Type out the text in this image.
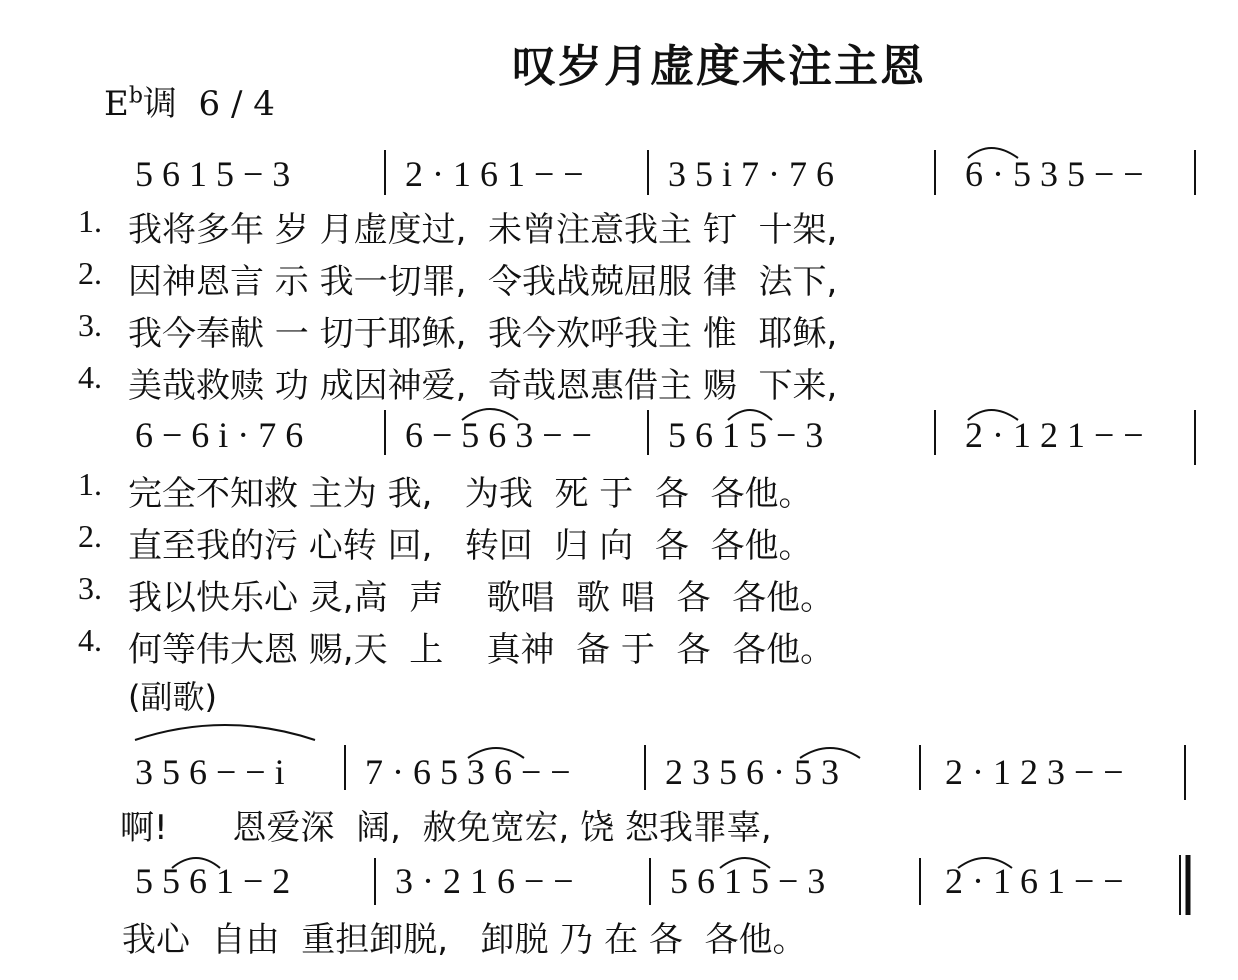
叹岁月虚度未注主恩
$E^b$调 6 / 4
5 6 1 5 − 3	2 · 1 6 1 − − 3 5 i 7 · 7 6	6 · 5 3 5 − −
6 − 6 i · 7 6	6 − 5 6 3 − − 5 6 1 5 − 3	2 · 1 2 1 − −
3 5 6 − − i 7 · 6 5 3 6 − −	2 3 5 6 · 5 3	2 · 1 2 3 − −
5 5 6 1 − 2	3 · 2 1 6 − −	5 6 1 5 − 3	2 · 1 6 1 − −
1.
2.
3.
4.
我将多年 岁 月虚度过,  未曾注意我主 钉  十架,
因神恩言 示 我一切罪,  令我战兢屈服 律  法下,
我今奉献 一 切于耶稣,  我今欢呼我主 惟  耶稣,
美哉救赎 功 成因神爱,  奇哉恩惠借主 赐  下来,
1.
2.
3.
4.
完全不知救 主为 我,   为我  死 于  各  各他。
直至我的污 心转 回,   转回  归 向  各  各他。
我以快乐心 灵,高  声    歌唱  歌 唱  各  各他。
何等伟大恩 赐,天  上    真神  备 于  各  各他。
(副歌)
啊!      恩爱深  阔,  赦免宽宏, 饶 恕我罪辜,
我心  自由  重担卸脱,   卸脱 乃 在 各  各他。
